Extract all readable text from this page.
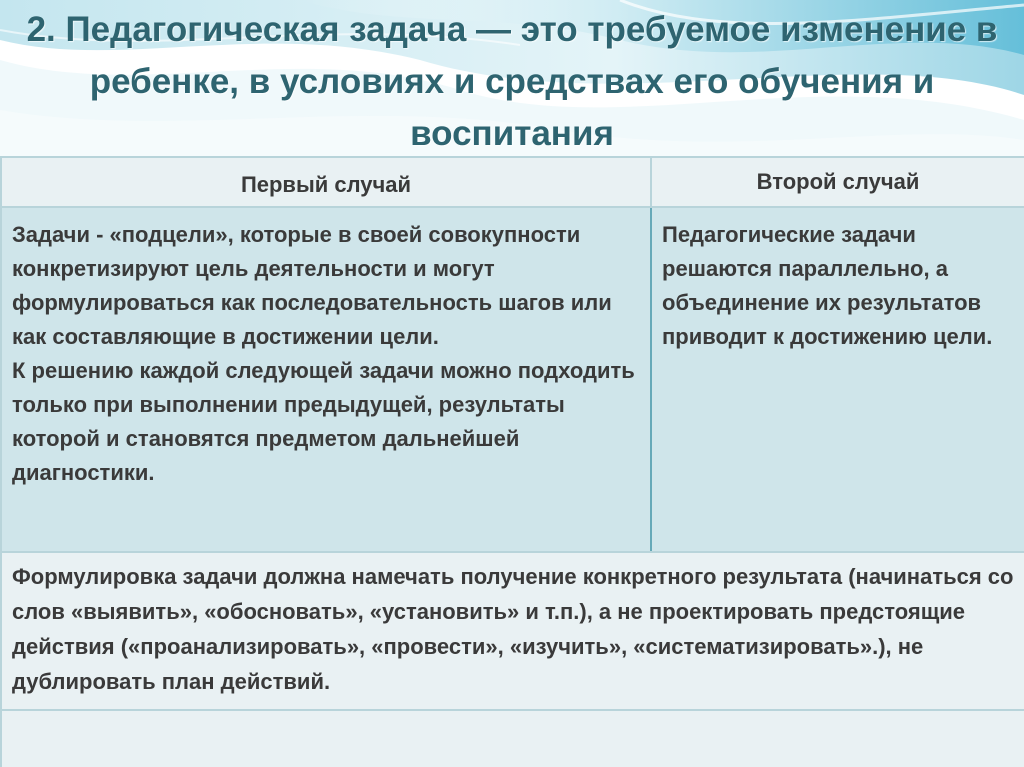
2. Педагогическая задача — это требуемое изменение в ребенке, в условиях и средствах его обучения и воспитания
Первый случай	Второй случай

Задачи - «подцели», которые в своей совокупности конкретизируют цель деятельности и могут формулироваться как последовательность шагов или как составляющие в достижении цели.

К решению каждой следующей задачи можно подходить только при выполнении предыдущей, результаты которой и становятся предметом дальнейшей диагностики.	Педагогические задачи решаются параллельно, а объединение их результатов приводит к достижению цели.

Формулировка задачи должна намечать получение конкретного результата (начинаться со слов «выявить», «обосновать», «установить» и т.п.), а не проектировать предстоящие действия («проанализировать», «провести», «изучить», «систематизировать».), не дублировать план действий.	
